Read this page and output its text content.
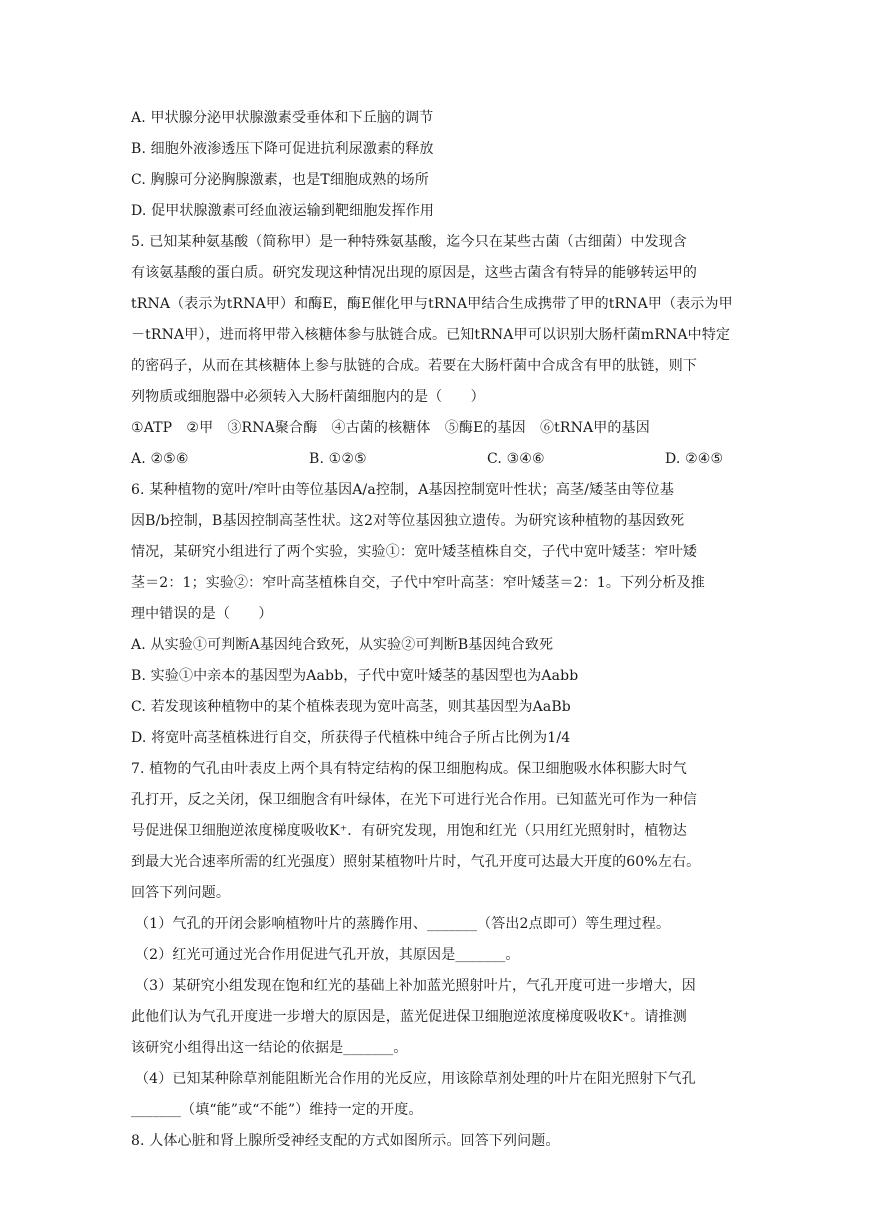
A. 甲状腺分泌甲状腺激素受垂体和下丘脑的调节
B. 细胞外液渗透压下降可促进抗利尿激素的释放
C. 胸腺可分泌胸腺激素，也是T细胞成熟的场所
D. 促甲状腺激素可经血液运输到靶细胞发挥作用
5. 已知某种氨基酸（简称甲）是一种特殊氨基酸，迄今只在某些古菌（古细菌）中发现含
有该氨基酸的蛋白质。研究发现这种情况出现的原因是，这些古菌含有特异的能够转运甲的
tRNA（表示为tRNA甲）和酶E，酶E催化甲与tRNA甲结合生成携带了甲的tRNA甲（表示为甲
－tRNA甲），进而将甲带入核糖体参与肽链合成。已知tRNA甲可以识别大肠杆菌mRNA中特定
的密码子，从而在其核糖体上参与肽链的合成。若要在大肠杆菌中合成含有甲的肽链，则下
列物质或细胞器中必须转入大肠杆菌细胞内的是（　　）
①ATP　②甲　③RNA聚合酶　④古菌的核糖体　⑤酶E的基因　⑥tRNA甲的基因
A. ②⑤⑥	B. ①②⑤	C. ③④⑥	D. ②④⑤
6. 某种植物的宽叶/窄叶由等位基因A/a控制，A基因控制宽叶性状；高茎/矮茎由等位基
因B/b控制，B基因控制高茎性状。这2对等位基因独立遗传。为研究该种植物的基因致死
情况，某研究小组进行了两个实验，实验①：宽叶矮茎植株自交，子代中宽叶矮茎：窄叶矮
茎＝2：1；实验②：窄叶高茎植株自交，子代中窄叶高茎：窄叶矮茎＝2：1。下列分析及推
理中错误的是（　　）
A. 从实验①可判断A基因纯合致死，从实验②可判断B基因纯合致死
B. 实验①中亲本的基因型为Aabb，子代中宽叶矮茎的基因型也为Aabb
C. 若发现该种植物中的某个植株表现为宽叶高茎，则其基因型为AaBb
D. 将宽叶高茎植株进行自交，所获得子代植株中纯合子所占比例为1/4
7. 植物的气孔由叶表皮上两个具有特定结构的保卫细胞构成。保卫细胞吸水体积膨大时气
孔打开，反之关闭，保卫细胞含有叶绿体，在光下可进行光合作用。已知蓝光可作为一种信
号促进保卫细胞逆浓度梯度吸收K⁺．有研究发现，用饱和红光（只用红光照射时，植物达
到最大光合速率所需的红光强度）照射某植物叶片时，气孔开度可达最大开度的60%左右。
回答下列问题。
（1）气孔的开闭会影响植物叶片的蒸腾作用、_______（答出2点即可）等生理过程。
（2）红光可通过光合作用促进气孔开放，其原因是_______。
（3）某研究小组发现在饱和红光的基础上补加蓝光照射叶片，气孔开度可进一步增大，因
此他们认为气孔开度进一步增大的原因是，蓝光促进保卫细胞逆浓度梯度吸收K⁺。请推测
该研究小组得出这一结论的依据是_______。
（4）已知某种除草剂能阻断光合作用的光反应，用该除草剂处理的叶片在阳光照射下气孔
_______（填“能”或“不能”）维持一定的开度。
8. 人体心脏和肾上腺所受神经支配的方式如图所示。回答下列问题。
